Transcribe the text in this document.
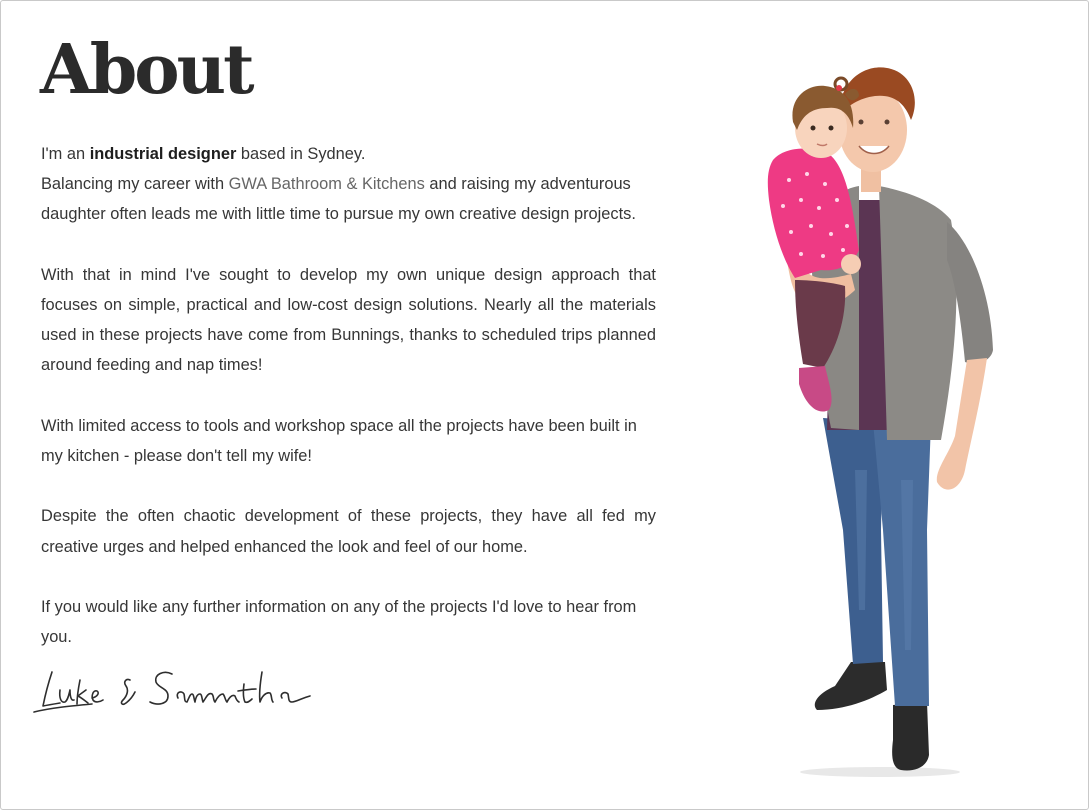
About

I'm an industrial designer based in Sydney.

Balancing my career with GWA Bathroom & Kitchens and raising my adventurous daughter often leads me with little time to pursue my own creative design projects.

With that in mind I've sought to develop my own unique design approach that focuses on simple, practical and low-cost design solutions. Nearly all the materials used in these projects have come from Bunnings, thanks to scheduled trips planned around feeding and nap times!

With limited access to tools and workshop space all the projects have been built in my kitchen - please don't tell my wife!

Despite the often chaotic development of these projects, they have all fed my creative urges and helped enhanced the look and feel of our home.

If you would like any further information on any of the projects I'd love to hear from you.
